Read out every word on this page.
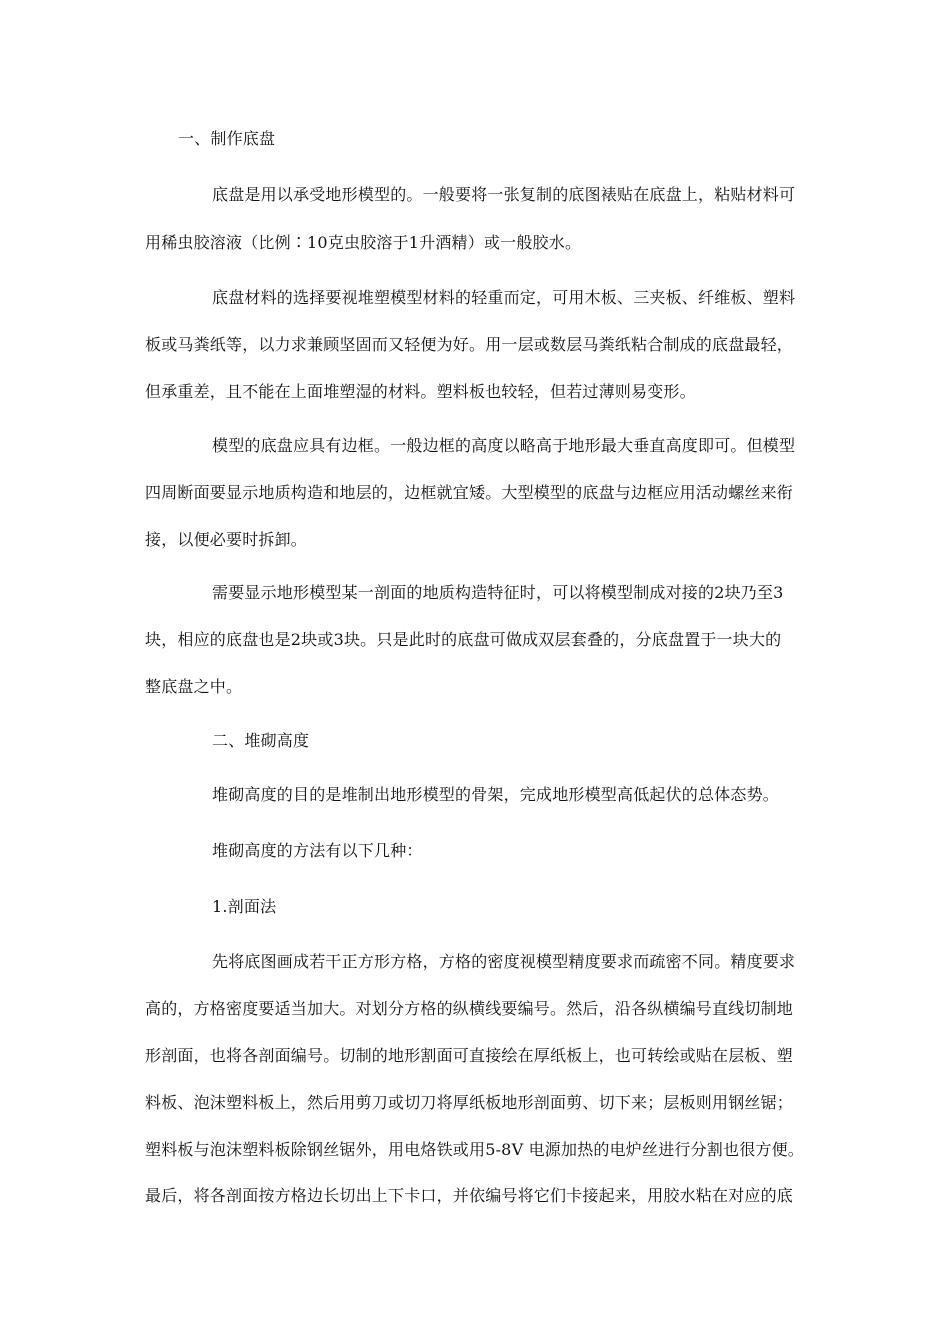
一、制作底盘
底盘是用以承受地形模型的。一般要将一张复制的底图裱贴在底盘上，粘贴材料可
用稀虫胶溶液（比例∶10克虫胶溶于1升酒精）或一般胶水。
底盘材料的选择要视堆塑模型材料的轻重而定，可用木板、三夹板、纤维板、塑料
板或马粪纸等，以力求兼顾坚固而又轻便为好。用一层或数层马粪纸粘合制成的底盘最轻，
但承重差，且不能在上面堆塑湿的材料。塑料板也较轻，但若过薄则易变形。
模型的底盘应具有边框。一般边框的高度以略高于地形最大垂直高度即可。但模型
四周断面要显示地质构造和地层的，边框就宜矮。大型模型的底盘与边框应用活动螺丝来衔
接，以便必要时拆卸。
需要显示地形模型某一剖面的地质构造特征时，可以将模型制成对接的2块乃至3
块，相应的底盘也是2块或3块。只是此时的底盘可做成双层套叠的，分底盘置于一块大的
整底盘之中。
二、堆砌高度
堆砌高度的目的是堆制出地形模型的骨架，完成地形模型高低起伏的总体态势。
堆砌高度的方法有以下几种：
1.剖面法
先将底图画成若干正方形方格，方格的密度视模型精度要求而疏密不同。精度要求
高的，方格密度要适当加大。对划分方格的纵横线要编号。然后，沿各纵横编号直线切制地
形剖面，也将各剖面编号。切制的地形割面可直接绘在厚纸板上，也可转绘或贴在层板、塑
料板、泡沫塑料板上，然后用剪刀或切刀将厚纸板地形剖面剪、切下来；层板则用钢丝锯；
塑料板与泡沫塑料板除钢丝锯外，用电烙铁或用5-8V 电源加热的电炉丝进行分割也很方便。
最后，将各剖面按方格边长切出上下卡口，并依编号将它们卡接起来，用胶水粘在对应的底
